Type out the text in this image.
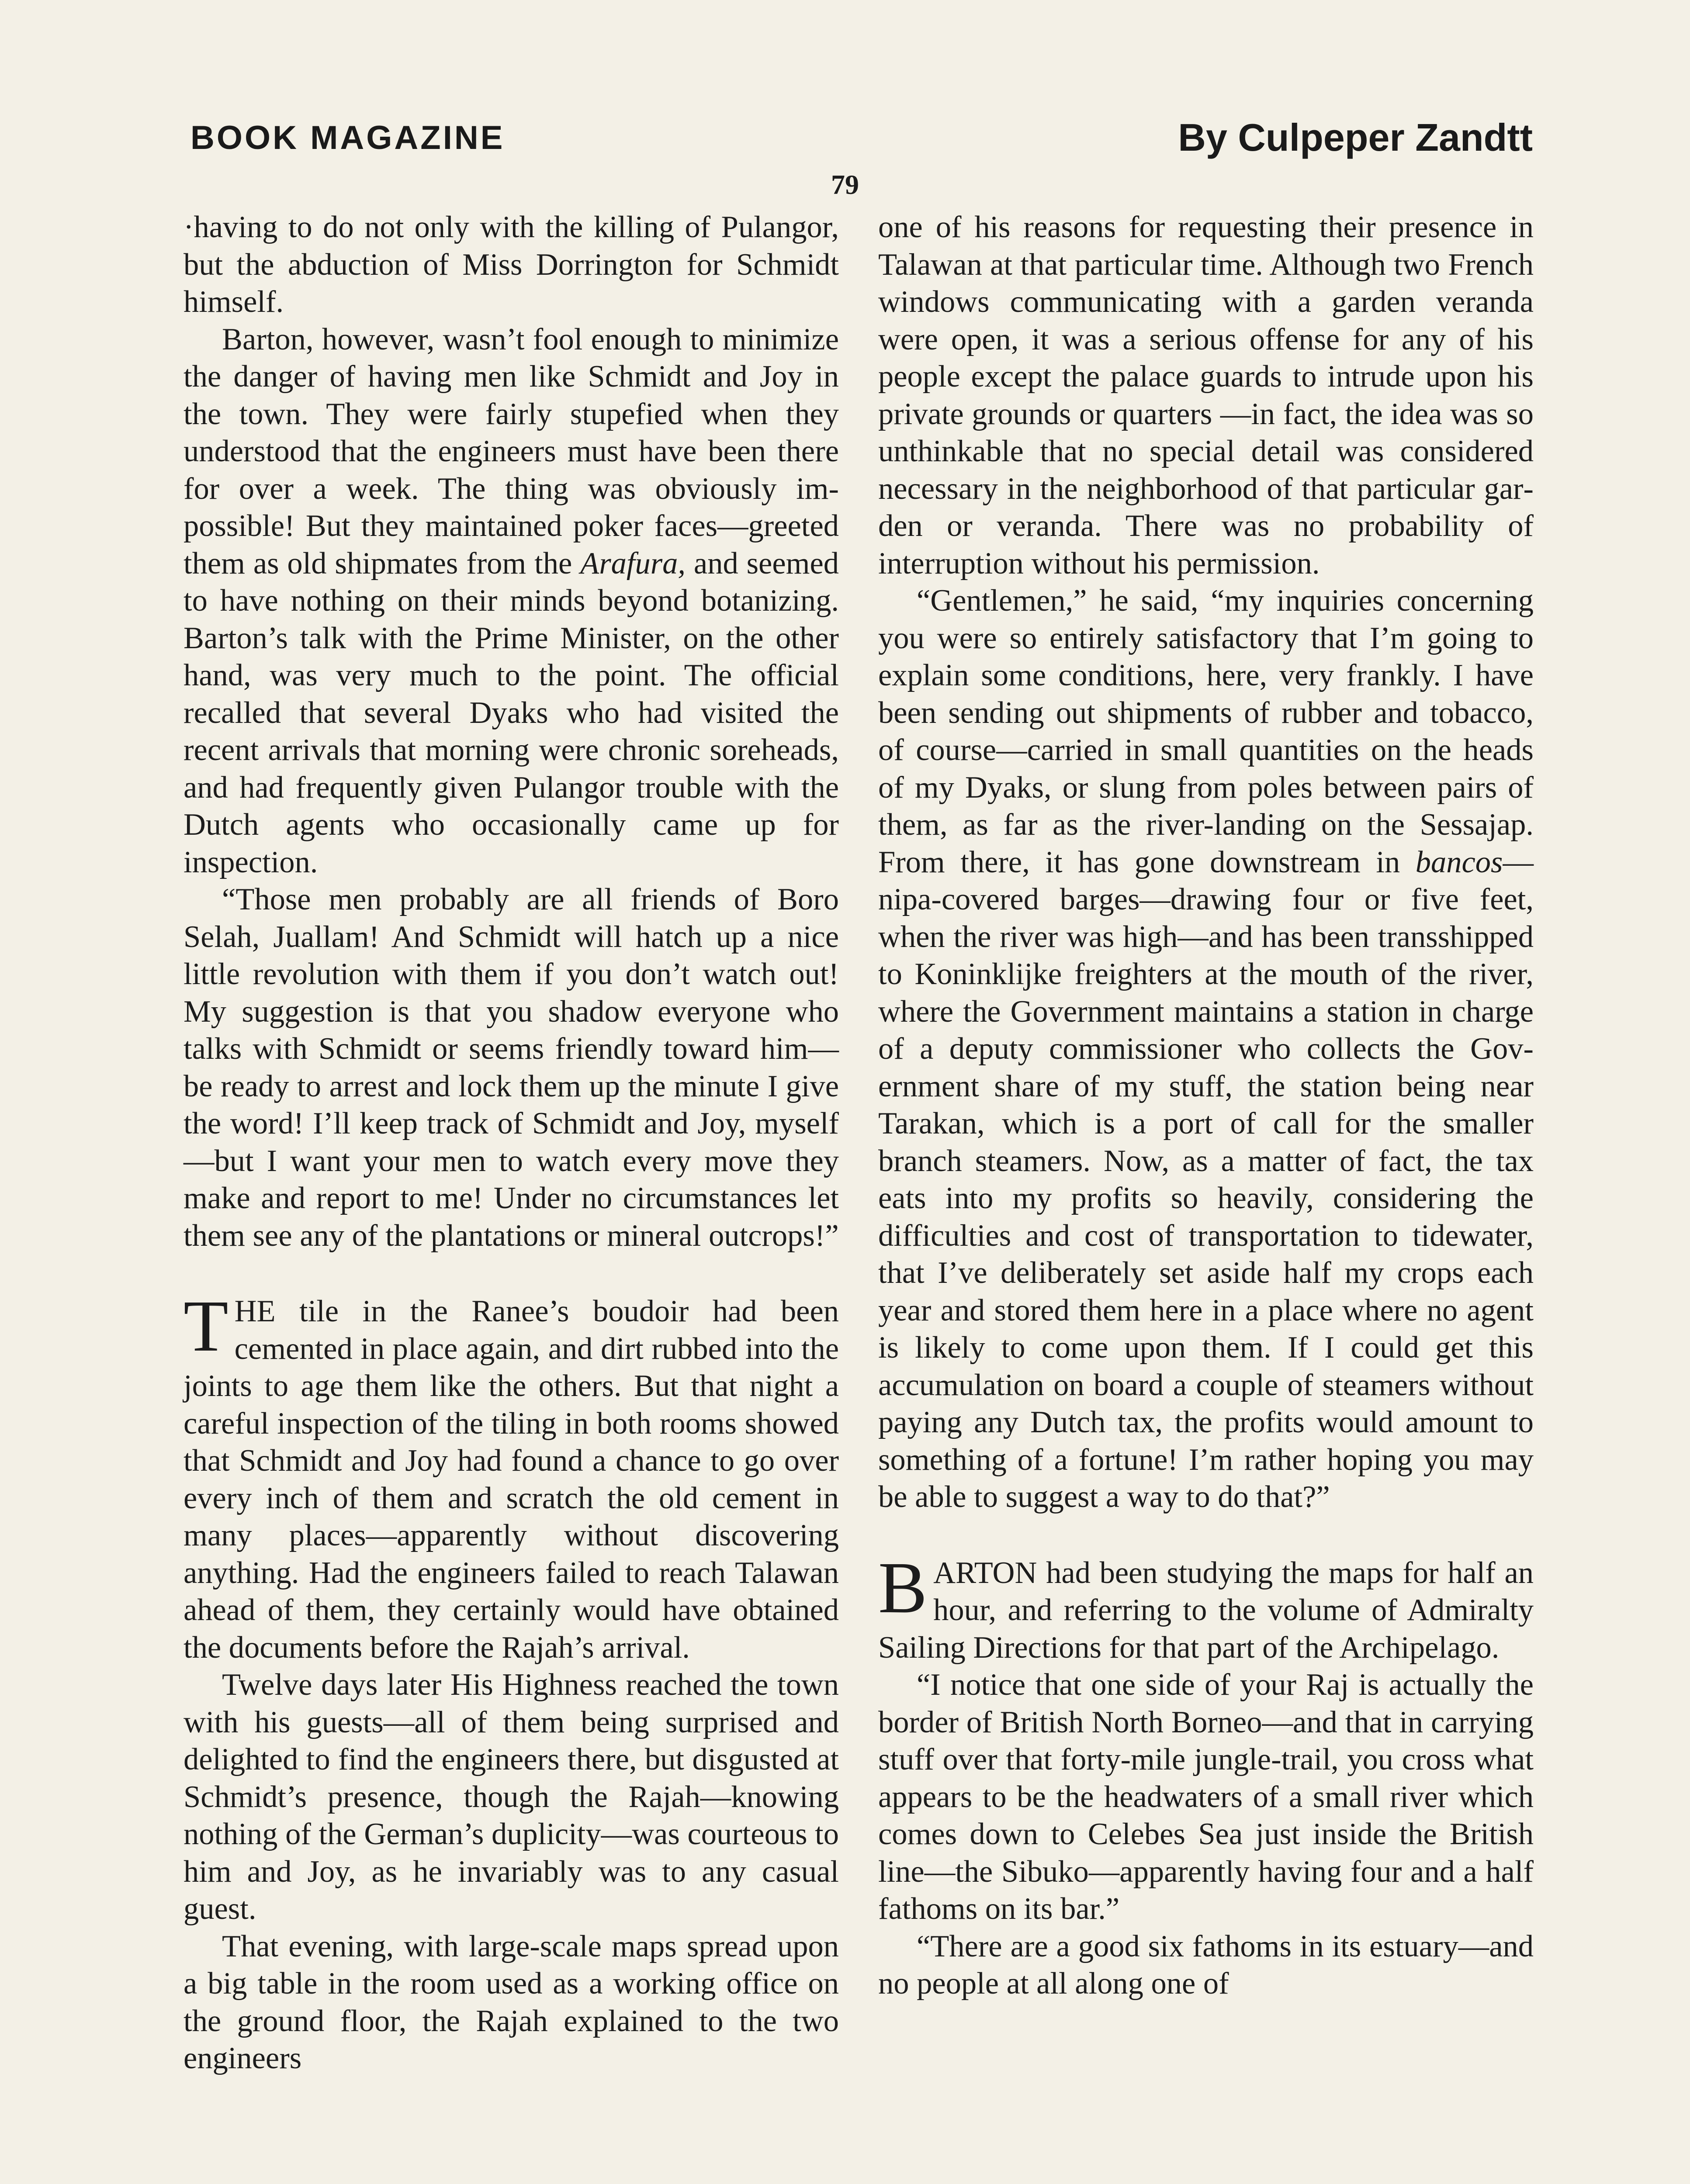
BOOK MAGAZINE	By Culpeper Zandtt
79

·having to do not only with the killing of Pulangor, but the abduction of Miss Dorrington for Schmidt himself.

Barton, however, wasn’t fool enough to minimize the danger of having men like Schmidt and Joy in the town. They were fairly stupefied when they understood that the engineers must have been there for over a week. The thing was obviously impossible! But they maintained poker faces—greeted them as old shipmates from the Arafura, and seemed to have nothing on their minds beyond botanizing. Barton’s talk with the Prime Minister, on the other hand, was very much to the point. The official recalled that several Dyaks who had visited the recent arrivals that morning were chronic soreheads, and had frequently given Pulangor trouble with the Dutch agents who occasionally came up for inspection.

“Those men probably are all friends of Boro Selah, Juallam! And Schmidt will hatch up a nice little revolution with them if you don’t watch out! My suggestion is that you shadow everyone who talks with Schmidt or seems friendly toward him—be ready to arrest and lock them up the minute I give the word! I’ll keep track of Schmidt and Joy, myself—but I want your men to watch every move they make and report to me! Under no circumstances let them see any of the plantations or mineral outcrops!”

THE tile in the Ranee’s boudoir had been cemented in place again, and dirt rubbed into the joints to age them like the others. But that night a careful inspection of the tiling in both rooms showed that Schmidt and Joy had found a chance to go over every inch of them and scratch the old cement in many places—apparently without discovering anything. Had the engineers failed to reach Talawan ahead of them, they certainly would have obtained the documents before the Rajah’s arrival.

Twelve days later His Highness reached the town with his guests—all of them being surprised and delighted to find the engineers there, but disgusted at Schmidt’s presence, though the Rajah—knowing nothing of the German’s duplicity—was courteous to him and Joy, as he invariably was to any casual guest.

That evening, with large-scale maps spread upon a big table in the room used as a working office on the ground floor, the Rajah explained to the two engineers

one of his reasons for requesting their presence in Talawan at that particular time. Although two French windows communicating with a garden veranda were open, it was a serious offense for any of his people except the palace guards to intrude upon his private grounds or quarters —in fact, the idea was so unthinkable that no special detail was considered necessary in the neighborhood of that particular garden or veranda. There was no probability of interruption without his permission.

“Gentlemen,” he said, “my inquiries concerning you were so entirely satisfactory that I’m going to explain some conditions, here, very frankly. I have been sending out shipments of rubber and tobacco, of course—carried in small quantities on the heads of my Dyaks, or slung from poles between pairs of them, as far as the river-landing on the Sessajap. From there, it has gone downstream in bancos—nipa-covered barges—drawing four or five feet, when the river was high—and has been transshipped to Koninklijke freighters at the mouth of the river, where the Government maintains a station in charge of a deputy commissioner who collects the Government share of my stuff, the station being near Tarakan, which is a port of call for the smaller branch steamers. Now, as a matter of fact, the tax eats into my profits so heavily, considering the difficulties and cost of transportation to tidewater, that I’ve deliberately set aside half my crops each year and stored them here in a place where no agent is likely to come upon them. If I could get this accumulation on board a couple of steamers without paying any Dutch tax, the profits would amount to something of a fortune! I’m rather hoping you may be able to suggest a way to do that?”

BARTON had been studying the maps for half an hour, and referring to the volume of Admiralty Sailing Directions for that part of the Archipelago.

“I notice that one side of your Raj is actually the border of British North Borneo—and that in carrying stuff over that forty-mile jungle-trail, you cross what appears to be the headwaters of a small river which comes down to Celebes Sea just inside the British line—the Sibuko—apparently having four and a half fathoms on its bar.”

“There are a good six fathoms in its estuary—and no people at all along one of
